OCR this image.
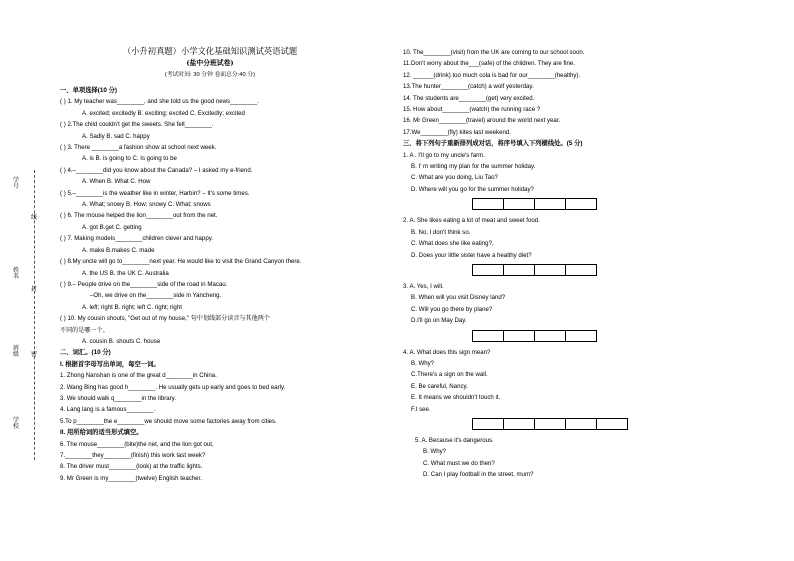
学号
线
姓名
封
班级 密
学校
（小升初真题）小学文化基础知识测试英语试题
(盐中分班试卷)
(考试时间: 30 分钟 卷面总分:40 分)
一、单项选择(10 分)
( ) 1. My teacher was________, and she told us the good news________.
A. excited; excitedly B. exciting; excited C. Excitedly; excited
( ) 2.The child couldn't get the sweets. She felt________.
A. Sadly B. sad C. happy
( ) 3. There ________a fashion show at school next week.
A. is B. is going to C. Is going to be
( ) 4.–________did you know about the Canada? – I asked my e-friend.
A. When B. What C. How
( ) 5.–________is the weather like in winter, Harbin? – It's some times.
A. What; snowy B. How; snowy C. What; snows
( ) 6. The mouse helped the lion________out from the net.
A. got B.get C. getting
( ) 7. Making models________children clever and happy.
A. make B.makes C. made
( ) 8.My uncle will go to________next year. He would like to visit the Grand Canyon there.
A. the US B. the UK C. Australia
( ) 9.– People drive on the________side of the road in Macau.
–Oh, we drive on the________side in Yancheng.
A. left; right B. right; left C. right; right
( ) 10. My cousin shouts, "Get out of my house," 句中划线部分读音与其他两个
不同的是哪一个。
A. cousin B. shouts C. house
二、词汇。(10 分)
I. 根据首字母写出单词，每空一词。
1. Zhong Nanshan is one of the great d________in China.
2. Wang Bing has good h________. He usually gets up early and goes to bed early.
3. We should walk q________in the library.
4. Lang lang is a famous________.
5.To p________the e________we should move some factories away from cities.
II. 用所给词的适当形式填空。
6. The mouse________(bite)the net, and the lion got out,
7.________they________(finish) this work last week?
8. The driver must________(look) at the traffic lights.
9. Mr Green is my________(twelve) English teacher.
10. The________(visit) from the UK are coming to our school soon.
11.Don't worry about the___(safe) of the children. They are fine.
12. ______(drink) too much cola is bad for our________(healthy).
13.The hunter________(catch) a wolf yesterday.
14. The students are________(get) very excited.
15. How about________(watch) the running race ?
16. Mr Green________(travel) around the world next year.
17.We________(fly) kites last weekend.
三、将下列句子重新排列成对话，将序号填入下列横线处。(5 分)
1. A . I'll go to my uncle's farm.
B. I' m writing my plan for the summer holiday.
C. What are you doing, Liu Tao?
D. Where will you go for the summer holiday?
2. A. She likes eating a lot of meat and sweet food.
B. No, I don't think so.
C. What does she like eating?,
D. Does your little sister have a healthy diet?
3. A. Yes, I will.
B. When will you visit Disney land?
C. Will you go there by plane?
D.I'll go on May Day.
4. A. What does this sign mean?
B. Why?
C.There's a sign on the wall.
E. Be careful, Nancy.
E. It means we shouldn't touch it.
F.I see.
5. A. Because it's dangerous.
B. Why?
C. What must we do then?
D. Can I play football in the street, mum?
